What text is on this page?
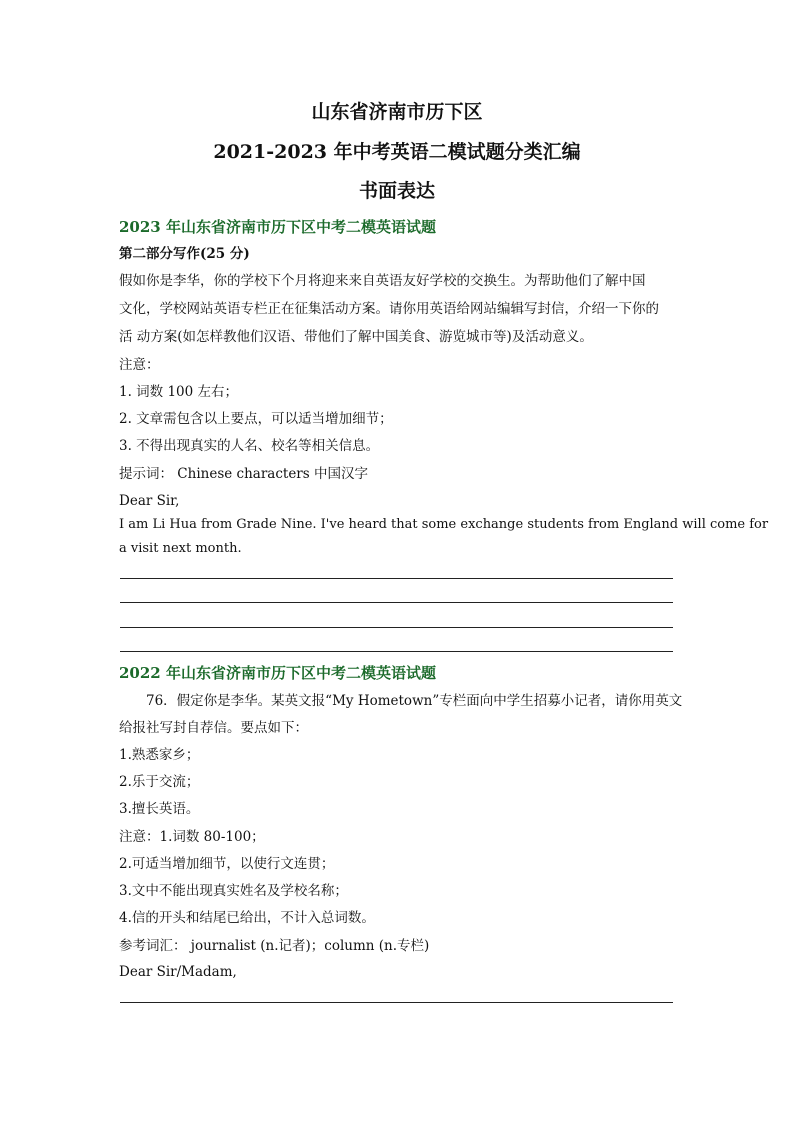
山东省济南市历下区
2021-2023 年中考英语二模试题分类汇编
书面表达
2023 年山东省济南市历下区中考二模英语试题
第二部分写作(25 分)
假如你是李华，你的学校下个月将迎来来自英语友好学校的交换生。为帮助他们了解中国
文化，学校网站英语专栏正在征集活动方案。请你用英语给网站编辑写封信，介绍一下你的
活 动方案(如怎样教他们汉语、带他们了解中国美食、游览城市等)及活动意义。
注意：
1. 词数 100 左右；
2. 文章需包含以上要点，可以适当增加细节；
3. 不得出现真实的人名、校名等相关信息。
提示词： Chinese characters 中国汉字
Dear Sir,
I am Li Hua from Grade Nine. I've heard that some exchange students from England will come for
a visit next month.
2022 年山东省济南市历下区中考二模英语试题
76．假定你是李华。某英文报“My Hometown”专栏面向中学生招募小记者，请你用英文
给报社写封自荐信。要点如下：
1.熟悉家乡；
2.乐于交流；
3.擅长英语。
注意：1.词数 80-100；
2.可适当增加细节，以使行文连贯；
3.文中不能出现真实姓名及学校名称；
4.信的开头和结尾已给出，不计入总词数。
参考词汇： journalist (n.记者)；column (n.专栏)
Dear Sir/Madam,
